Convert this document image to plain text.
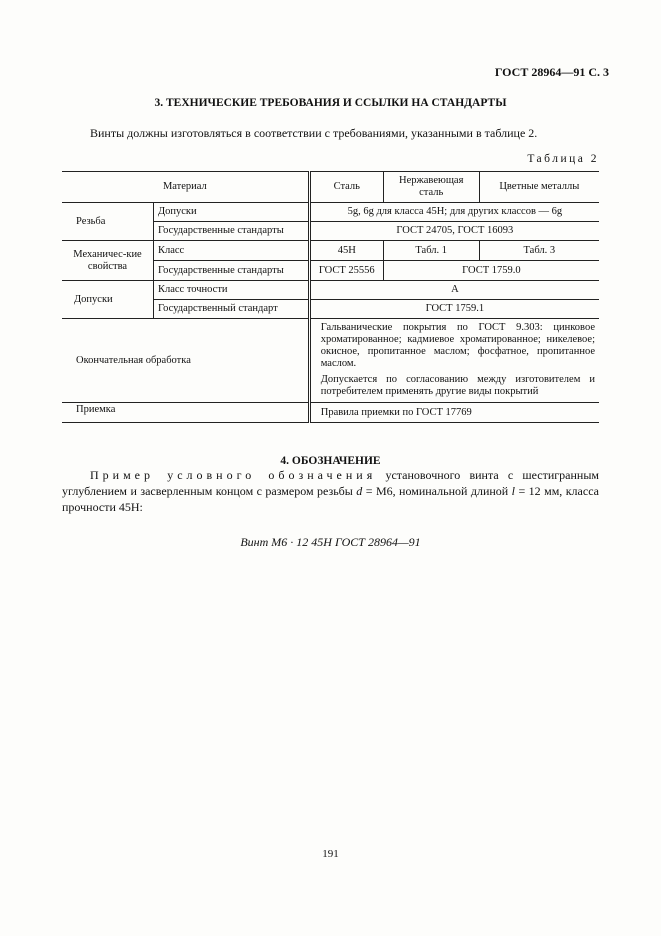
ГОСТ 28964—91 С. 3
3. ТЕХНИЧЕСКИЕ ТРЕБОВАНИЯ И ССЫЛКИ НА СТАНДАРТЫ
Винты должны изготовляться в соответствии с требованиями, указанными в таблице 2.
Таблица 2
Материал		Сталь	Нержавеющая сталь	Цветные металлы
Резьба	Допуски	5g, 6g для класса 45H; для других классов — 6g		
	Государственные стандарты	ГОСТ 24705, ГОСТ 16093		
Механичес-кие свойства	Класс	45H	Табл. 1	Табл. 3
	Государственные стандарты	ГОСТ 25556	ГОСТ 1759.0	
Допуски	Класс точности	A		
	Государственный стандарт	ГОСТ 1759.1		
Окончательная обработка		Гальванические покрытия по ГОСТ 9.303: цинковое хроматированное; кадмиевое хроматированное; никелевое; окисное, пропитанное маслом; фосфатное, пропитанное маслом.
Допускается по согласованию между изготовителем и потребителем применять другие виды покрытий		

Приемка		Правила приемки по ГОСТ 17769		
4. ОБОЗНАЧЕНИЕ
Пример условного обозначения установочного винта с шестигранным углублением и засверленным концом с размером резьбы d = М6, номинальной длиной l = 12 мм, класса прочности 45H:
Винт М6 · 12 45H ГОСТ 28964—91
191
